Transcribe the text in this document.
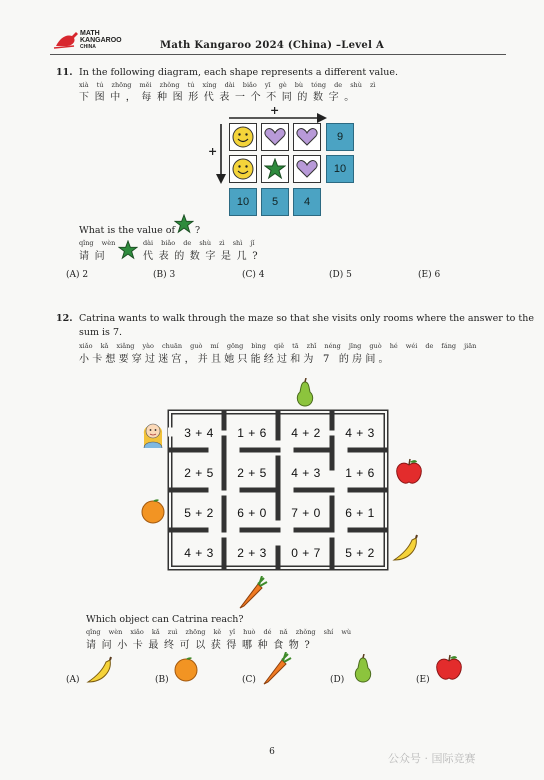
MATH
KANGAROO
CHINA	Math Kangaroo 2024 (China) –Level A
11. In the following diagram, each shape represents a different value.
xià tú zhōng měi zhǒng tú xíng dài biǎo yī gè bù tóng de shù zì
下图中，每种图形代表一个不同的数字。
+
+
9
10
10	5	4
What is the value of ?
qǐng wèn	dài biǎo de shù zì shì jǐ
请问	代表的数字是几?
(A) 2	(B) 3	(C) 4	(D) 5	(E) 6
12. Catrina wants to walk through the maze so that she visits only rooms where the answer to the
sum is 7.
xiǎo kǎ xiǎng yào chuān guò mí gōng bìng qiě tā zhǐ néng jīng guò hé wéi de fáng jiān
小卡想要穿过迷宫，并且她只能经过和为 7 的房间。
3 + 4	1 + 6	4 + 2	4 + 3
2 + 5	2 + 5	4 + 3	1 + 6
5 + 2	6 + 0	7 + 0	6 + 1
4 + 3	2 + 3	0 + 7	5 + 2
Which object can Catrina reach?
qǐng wèn xiǎo kǎ zuì zhōng kě yǐ huò dé nǎ zhǒng shí wù
请问小卡最终可以获得哪种食物?
(A)	(B)	(C)	(D)	(E)
6	公众号 · 国际竞赛
